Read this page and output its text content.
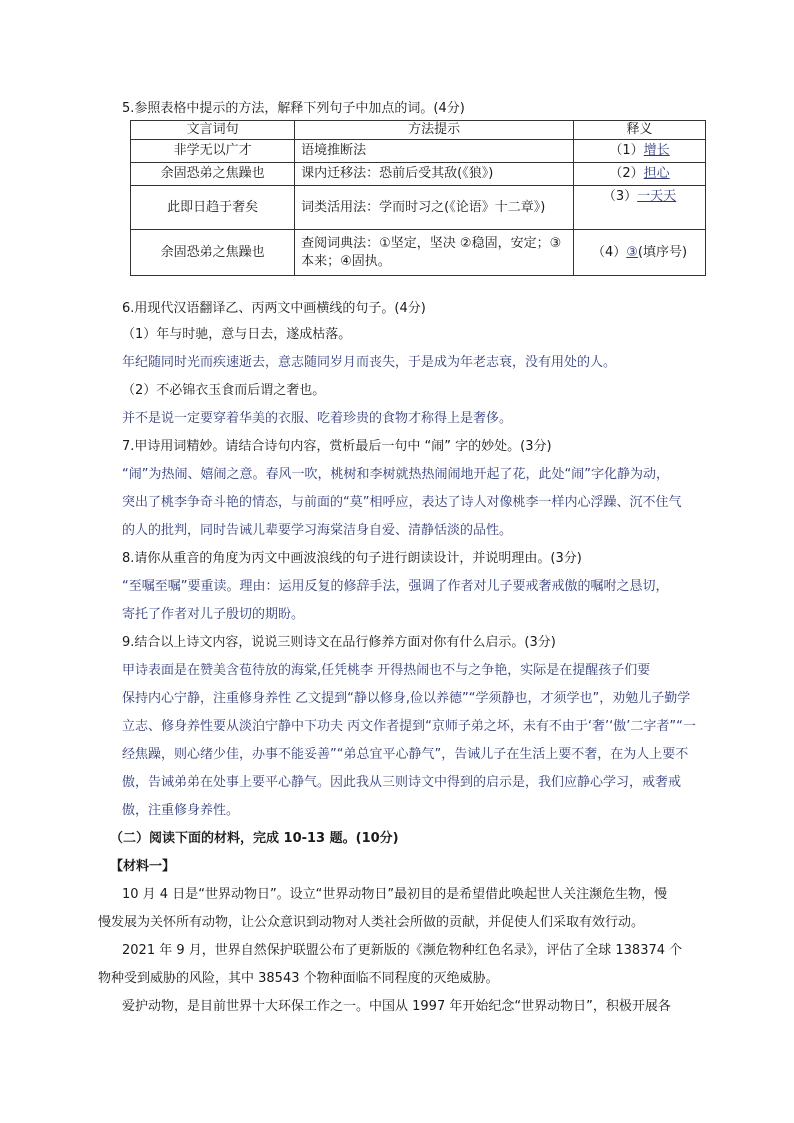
5.参照表格中提示的方法，解释下列句子中加点的词。(4分)
文言词句	方法提示	释义
非学无以广才	语境推断法	（1）增长
余固恐弟之焦躁也	课内迁移法：恐前后受其敌(《狼》)	（2）担心
此即日趋于奢矣	词类活用法：学而时习之(《论语》十二章》)	（3）一天天
余固恐弟之焦躁也	查阅词典法：①坚定，坚决 ②稳固，安定；③本来；④固执。	（4）③(填序号)
6.用现代汉语翻译乙、丙两文中画横线的句子。(4分)
（1）年与时驰，意与日去，遂成枯落。
年纪随同时光而疾速逝去，意志随同岁月而丧失，于是成为年老志衰，没有用处的人。
（2）不必锦衣玉食而后谓之奢也。
并不是说一定要穿着华美的衣服、吃着珍贵的食物才称得上是奢侈。
7.甲诗用词精妙。请结合诗句内容，赏析最后一句中 “闹” 字的妙处。(3分)
“闹”为热闹、嬉闹之意。春风一吹，桃树和李树就热热闹闹地开起了花，此处“闹”字化静为动，
突出了桃李争奇斗艳的情态，与前面的“莫”相呼应，表达了诗人对像桃李一样内心浮躁、沉不住气
的人的批判，同时告诫儿辈要学习海棠洁身自爱、清静恬淡的品性。
8.请你从重音的角度为丙文中画波浪线的句子进行朗读设计，并说明理由。(3分)
“至嘱至嘱”要重读。理由：运用反复的修辞手法，强调了作者对儿子要戒奢戒傲的嘱咐之恳切，
寄托了作者对儿子殷切的期盼。
9.结合以上诗文内容，说说三则诗文在品行修养方面对你有什么启示。(3分)
甲诗表面是在赞美含苞待放的海棠,任凭桃李 开得热闹也不与之争艳，实际是在提醒孩子们要
保持内心宁静，注重修身养性 乙文提到“静以修身,俭以养德”“学须静也，才须学也”，劝勉儿子勤学
立志、修身养性要从淡泊宁静中下功夫 丙文作者提到“京师子弟之坏，未有不由于‘奢’‘傲’二字者”“一
经焦躁，则心绪少佳，办事不能妥善”“弟总宜平心静气”，告诫儿子在生活上要不奢，在为人上要不
傲，告诫弟弟在处事上要平心静气。因此我从三则诗文中得到的启示是，我们应静心学习，戒奢戒
傲，注重修身养性。
（二）阅读下面的材料，完成 10-13 题。(10分)
【材料一】
10 月 4 日是“世界动物日”。设立“世界动物日”最初目的是希望借此唤起世人关注濒危生物，慢
慢发展为关怀所有动物，让公众意识到动物对人类社会所做的贡献，并促使人们采取有效行动。
2021 年 9 月，世界自然保护联盟公布了更新版的《濒危物种红色名录》，评估了全球 138374 个
物种受到威胁的风险，其中 38543 个物种面临不同程度的灭绝威胁。
爱护动物，是目前世界十大环保工作之一。中国从 1997 年开始纪念“世界动物日”，积极开展各
